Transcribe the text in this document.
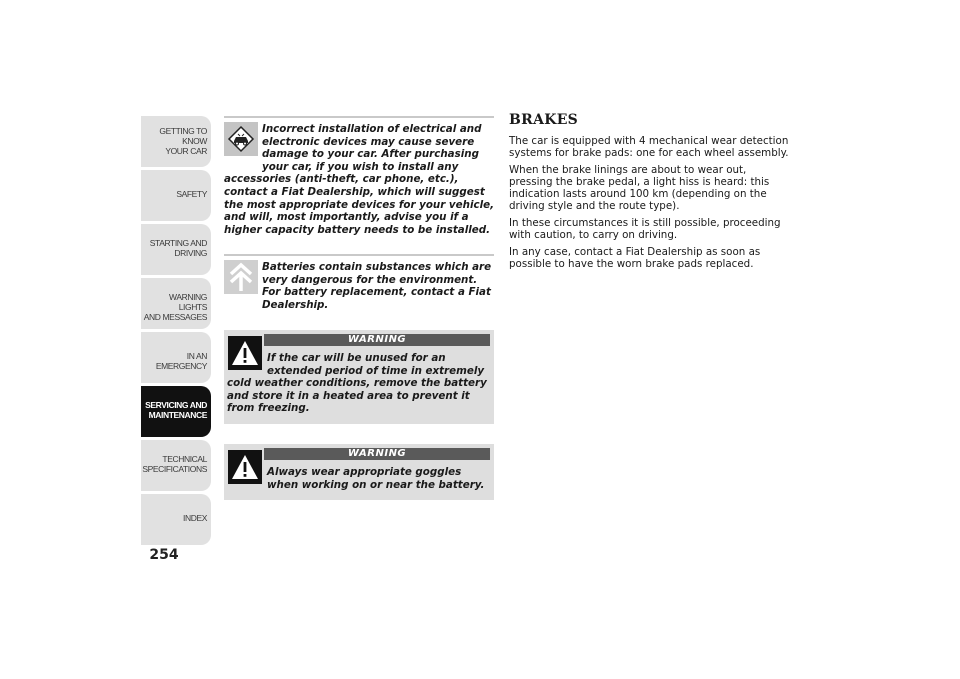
GETTING TO KNOW
YOUR CAR
SAFETY
STARTING AND
DRIVING
WARNING LIGHTS
AND MESSAGES
IN AN EMERGENCY
SERVICING AND
MAINTENANCE
TECHNICAL
SPECIFICATIONS
INDEX
254

Incorrect installation of electrical and electronic devices may cause severe damage to your car. After purchasing your car, if you wish to install any accessories (anti-theft, car phone, etc.), contact a Fiat Dealership, which will suggest the most appropriate devices for your vehicle, and will, most importantly, advise you if a higher capacity battery needs to be installed.

Batteries contain substances which are very dangerous for the environment. For battery replacement, contact a Fiat Dealership.

WARNING

If the car will be unused for an extended period of time in extremely cold weather conditions, remove the battery and store it in a heated area to prevent it from freezing.

WARNING

Always wear appropriate goggles when working on or near the battery.

BRAKES

The car is equipped with 4 mechanical wear detection systems for brake pads: one for each wheel assembly.

When the brake linings are about to wear out, pressing the brake pedal, a light hiss is heard: this indication lasts around 100 km (depending on the driving style and the route type).

In these circumstances it is still possible, proceeding with caution, to carry on driving.

In any case, contact a Fiat Dealership as soon as possible to have the worn brake pads replaced.
